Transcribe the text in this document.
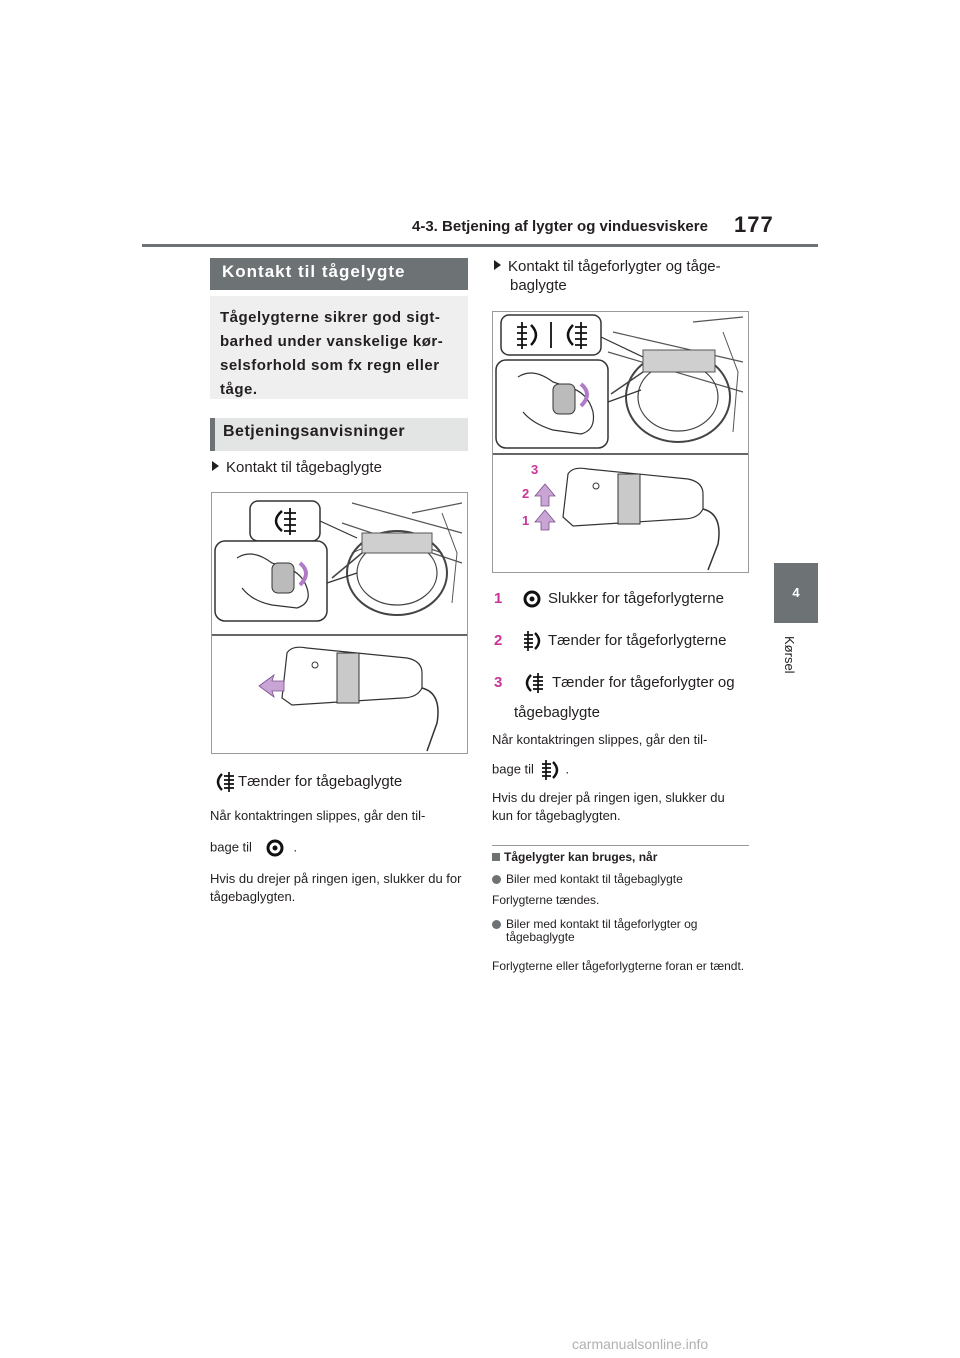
4-3. Betjening af lygter og vinduesviskere 177
4
Kørsel
Kontakt til tågelygte
Tågelygterne sikrer god sigt-barhed under vanskelige kør-selsforhold som fx regn eller tåge.
Betjeningsanvisninger
Kontakt til tågebaglygte
Tænder for tågebaglygte
Når kontaktringen slippes, går den til-
bage til	.
Hvis du drejer på ringen igen, slukker du for tågebaglygten.
Kontakt til tågeforlygter og tåge-
baglygte
3
2
1
1	Slukker for tågeforlygterne
2	Tænder for tågeforlygterne
3	Tænder for tågeforlygter og
tågebaglygte
Når kontaktringen slippes, går den til-
bage til .
Hvis du drejer på ringen igen, slukker du kun for tågebaglygten.
Tågelygter kan bruges, når
Biler med kontakt til tågebaglygte
Forlygterne tændes.
Biler med kontakt til tågeforlygter og tågebaglygte
Forlygterne eller tågeforlygterne foran er tændt.
carmanualsonline.info
